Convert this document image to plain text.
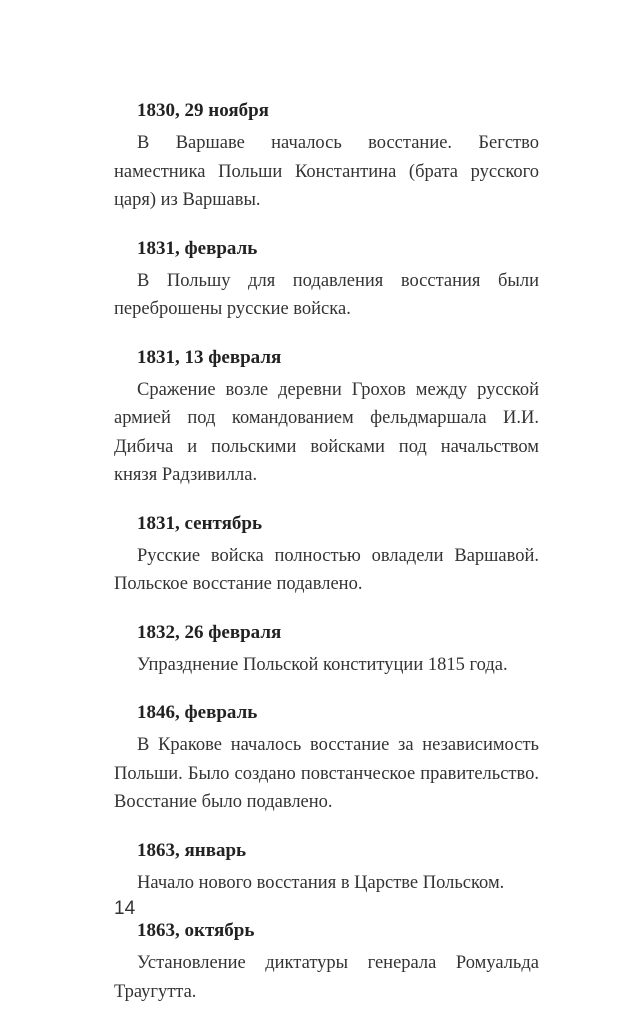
1830, 29 ноября

В Варшаве началось восстание. Бегство наместника Польши Константина (брата русского царя) из Варшавы.

1831, февраль

В Польшу для подавления восстания были переброшены русские войска.

1831, 13 февраля

Сражение возле деревни Грохов между русской армией под командованием фельдмаршала И.И. Дибича и польскими войсками под начальством князя Радзивилла.

1831, сентябрь

Русские войска полностью овладели Варшавой. Польское восстание подавлено.

1832, 26 февраля

Упразднение Польской конституции 1815 года.

1846, февраль

В Кракове началось восстание за независимость Польши. Было создано повстанческое правительство. Восстание было подавлено.

1863, январь

Начало нового восстания в Царстве Польском.

1863, октябрь

Установление диктатуры генерала Ромуальда Траугутта.

14
